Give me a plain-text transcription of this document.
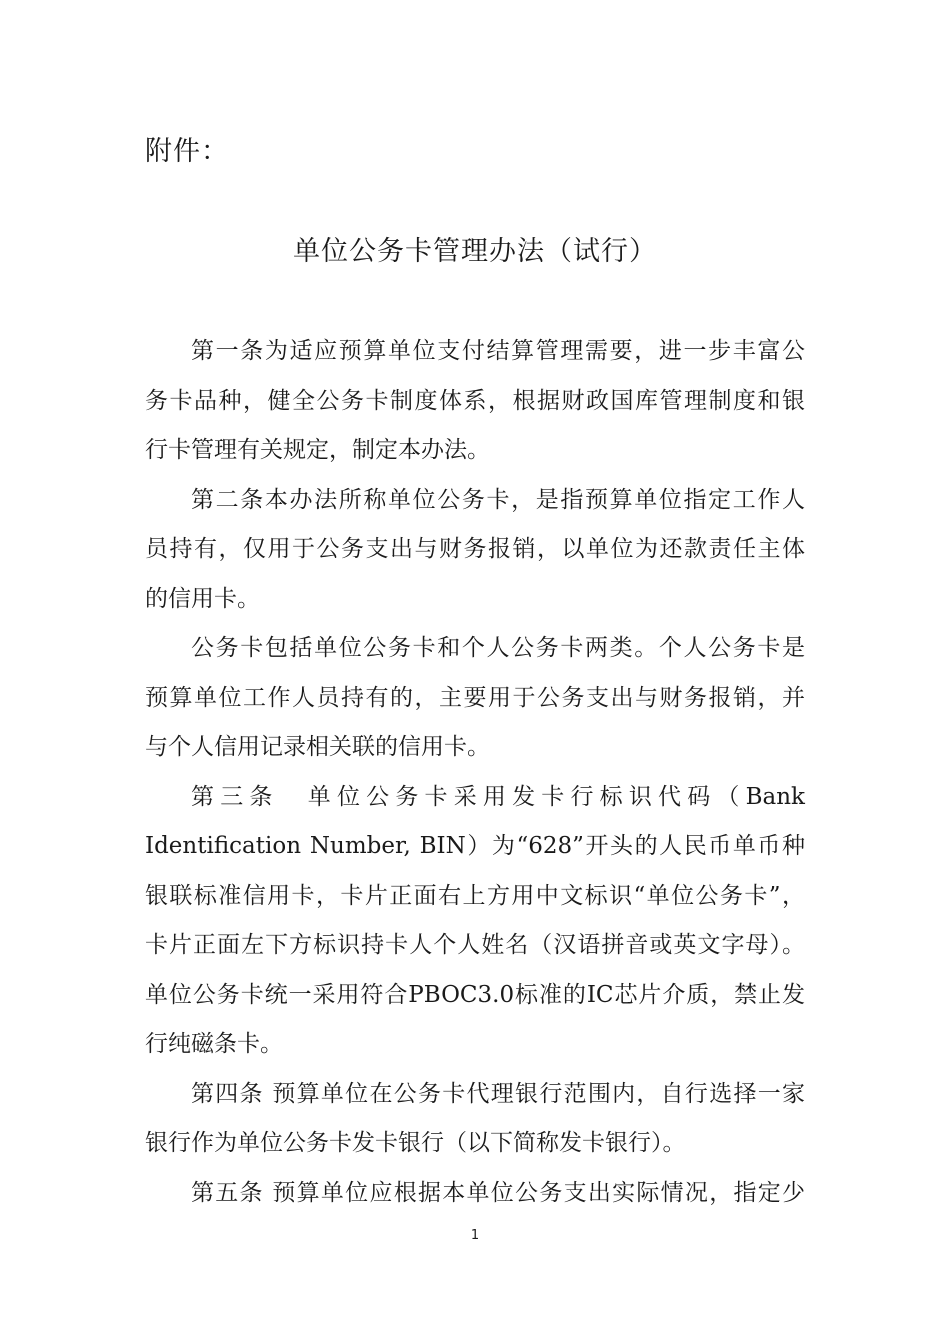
附件：
单位公务卡管理办法（试行）
第一条为适应预算单位支付结算管理需要，进一步丰富公
务卡品种，健全公务卡制度体系，根据财政国库管理制度和银
行卡管理有关规定，制定本办法。
第二条本办法所称单位公务卡，是指预算单位指定工作人
员持有，仅用于公务支出与财务报销，以单位为还款责任主体
的信用卡。
公务卡包括单位公务卡和个人公务卡两类。个人公务卡是
预算单位工作人员持有的，主要用于公务支出与财务报销，并
与个人信用记录相关联的信用卡。
第三条　单位公务卡采用发卡行标识代码（Bank
Identification Number, BIN）为“628”开头的人民币单币种
银联标准信用卡，卡片正面右上方用中文标识“单位公务卡”，
卡片正面左下方标识持卡人个人姓名（汉语拼音或英文字母）。
单位公务卡统一采用符合PBOC3.0标准的IC芯片介质，禁止发
行纯磁条卡。
第四条 预算单位在公务卡代理银行范围内，自行选择一家
银行作为单位公务卡发卡银行（以下简称发卡银行）。
第五条 预算单位应根据本单位公务支出实际情况，指定少
1
